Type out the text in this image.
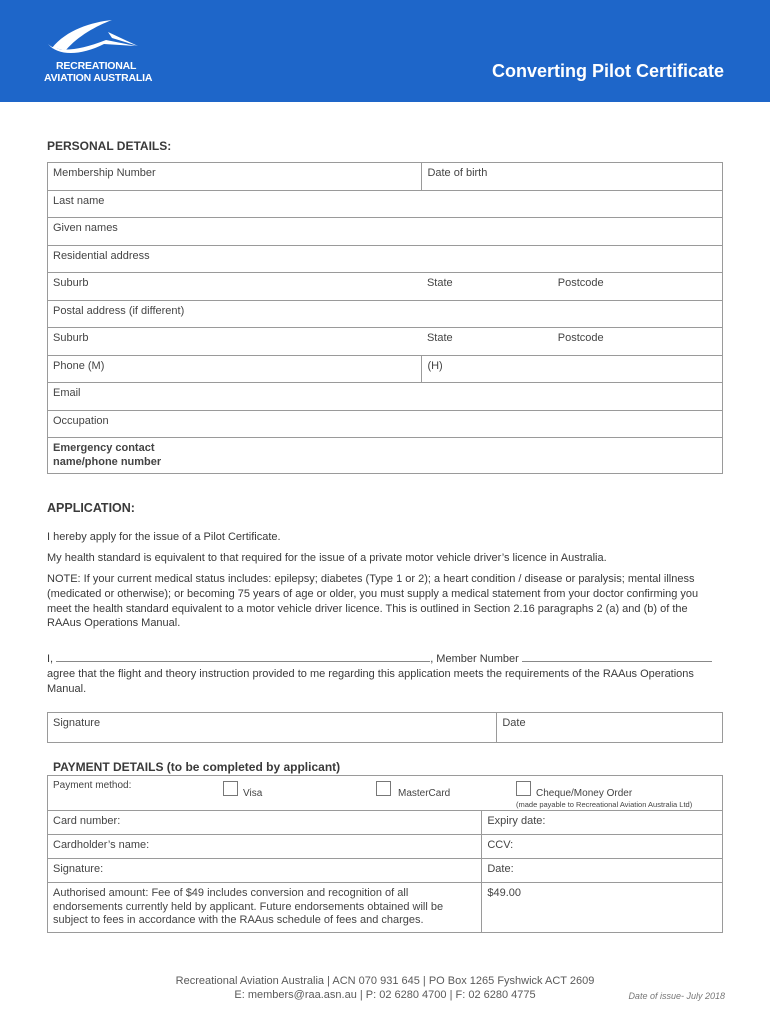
RECREATIONAL
AVIATION AUSTRALIA	Converting Pilot Certificate
PERSONAL DETAILS:
Membership Number	Date of birth	
Last name		
Given names		
Residential address		
Suburb	State	Postcode
Postal address (if different)		
Suburb	State	Postcode
Phone (M)	(H)	
Email		
Occupation		

Emergency contact
name/phone number		
APPLICATION:
I hereby apply for the issue of a Pilot Certificate.
My health standard is equivalent to that required for the issue of a private motor vehicle driver’s licence in Australia.
NOTE: If your current medical status includes: epilepsy; diabetes (Type 1 or 2); a heart condition / disease or paralysis; mental illness (medicated or otherwise); or becoming 75 years of age or older, you must supply a medical statement from your doctor confirming you meet the health standard equivalent to a motor vehicle driver licence. This is outlined in Section 2.16 paragraphs 2 (a) and (b) of the RAAus Operations Manual.
I,	, Member Number
agree that the flight and theory instruction provided to me regarding this application meets the requirements of the RAAus Operations Manual.
Signature	Date
PAYMENT DETAILS (to be completed by applicant)
Payment method:
Visa MasterCard Cheque/Money Order
(made payable to Recreational Aviation Australia Ltd)	

Card number:	Expiry date:
Cardholder’s name:	CCV:
Signature:	Date:
Authorised amount: Fee of $49 includes conversion and recognition of all endorsements currently held by applicant. Future endorsements obtained will be subject to fees in accordance with the RAAus schedule of fees and charges.	$49.00
Recreational Aviation Australia | ACN 070 931 645 | PO Box 1265 Fyshwick ACT 2609
E: members@raa.asn.au | P: 02 6280 4700 | F: 02 6280 4775	Date of issue- July 2018
